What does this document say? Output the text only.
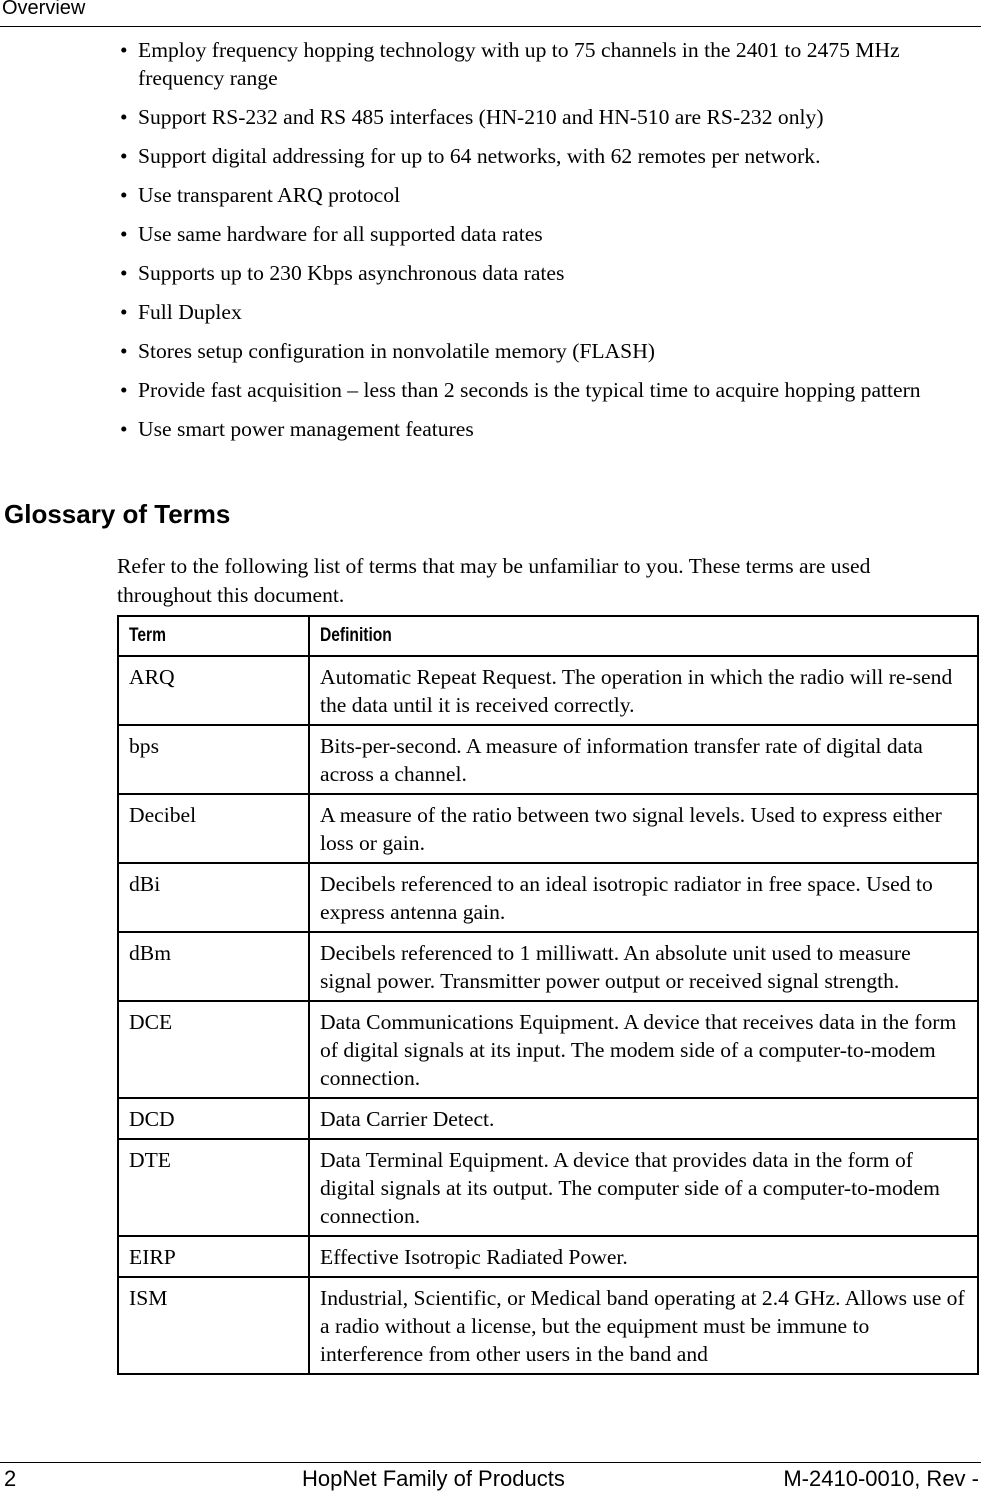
Overview
• Employ frequency hopping technology with up to 75 channels in the 2401 to 2475 MHz frequency range
• Support RS-232 and RS 485 interfaces (HN-210 and HN-510 are RS-232 only)
• Support digital addressing for up to 64 networks, with 62 remotes per network.
• Use transparent ARQ protocol
• Use same hardware for all supported data rates
• Supports up to 230 Kbps asynchronous data rates
• Full Duplex
• Stores setup configuration in nonvolatile memory (FLASH)
• Provide fast acquisition – less than 2 seconds is the typical time to acquire hopping pattern
• Use smart power management features
Glossary of Terms

Refer to the following list of terms that may be unfamiliar to you. These terms are used throughout this document.

Term	Definition
ARQ	Automatic Repeat Request. The operation in which the radio will re-send the data until it is received correctly.
bps	Bits-per-second. A measure of information transfer rate of digital data across a channel.
Decibel	A measure of the ratio between two signal levels. Used to express either loss or gain.
dBi	Decibels referenced to an ideal isotropic radiator in free space. Used to express antenna gain.
dBm	Decibels referenced to 1 milliwatt. An absolute unit used to measure signal power. Transmitter power output or received signal strength.
DCE	Data Communications Equipment. A device that receives data in the form of digital signals at its input. The modem side of a computer-to-modem connection.
DCD	Data Carrier Detect.
DTE	Data Terminal Equipment. A device that provides data in the form of digital signals at its output. The computer side of a computer-to-modem connection.
EIRP	Effective Isotropic Radiated Power.
ISM	Industrial, Scientific, or Medical band operating at 2.4 GHz. Allows use of a radio without a license, but the equipment must be immune to interference from other users in the band and
2	HopNet Family of Products	M-2410-0010, Rev -
